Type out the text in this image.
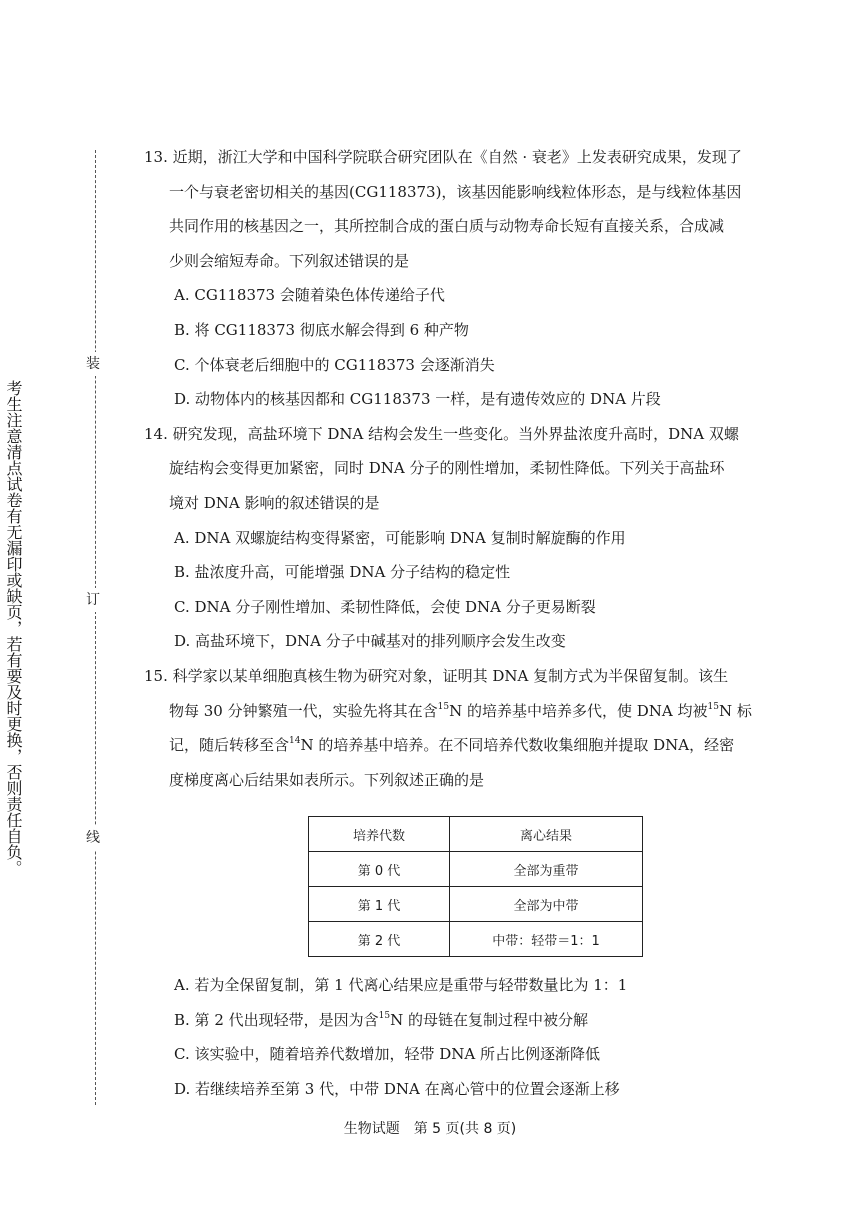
装
订
线
考生注意清点试卷有无漏印或缺页，若有要及时更换，否则责任自负。
13. 近期，浙江大学和中国科学院联合研究团队在《自然 · 衰老》上发表研究成果，发现了
一个与衰老密切相关的基因(CG118373)，该基因能影响线粒体形态，是与线粒体基因
共同作用的核基因之一，其所控制合成的蛋白质与动物寿命长短有直接关系，合成减
少则会缩短寿命。下列叙述错误的是
A. CG118373 会随着染色体传递给子代
B. 将 CG118373 彻底水解会得到 6 种产物
C. 个体衰老后细胞中的 CG118373 会逐渐消失
D. 动物体内的核基因都和 CG118373 一样，是有遗传效应的 DNA 片段
14. 研究发现，高盐环境下 DNA 结构会发生一些变化。当外界盐浓度升高时，DNA 双螺
旋结构会变得更加紧密，同时 DNA 分子的刚性增加，柔韧性降低。下列关于高盐环
境对 DNA 影响的叙述错误的是
A. DNA 双螺旋结构变得紧密，可能影响 DNA 复制时解旋酶的作用
B. 盐浓度升高，可能增强 DNA 分子结构的稳定性
C. DNA 分子刚性增加、柔韧性降低，会使 DNA 分子更易断裂
D. 高盐环境下，DNA 分子中碱基对的排列顺序会发生改变
15. 科学家以某单细胞真核生物为研究对象，证明其 DNA 复制方式为半保留复制。该生
物每 30 分钟繁殖一代，实验先将其在含$^{15}$N 的培养基中培养多代，使 DNA 均被$^{15}$N 标
记，随后转移至含$^{14}$N 的培养基中培养。在不同培养代数收集细胞并提取 DNA，经密
度梯度离心后结果如表所示。下列叙述正确的是
培养代数	离心结果
第 0 代	全部为重带
第 1 代	全部为中带
第 2 代	中带：轻带＝1：1
A. 若为全保留复制，第 1 代离心结果应是重带与轻带数量比为 1：1
B. 第 2 代出现轻带，是因为含$^{15}$N 的母链在复制过程中被分解
C. 该实验中，随着培养代数增加，轻带 DNA 所占比例逐渐降低
D. 若继续培养至第 3 代，中带 DNA 在离心管中的位置会逐渐上移
生物试题　第 5 页(共 8 页)
